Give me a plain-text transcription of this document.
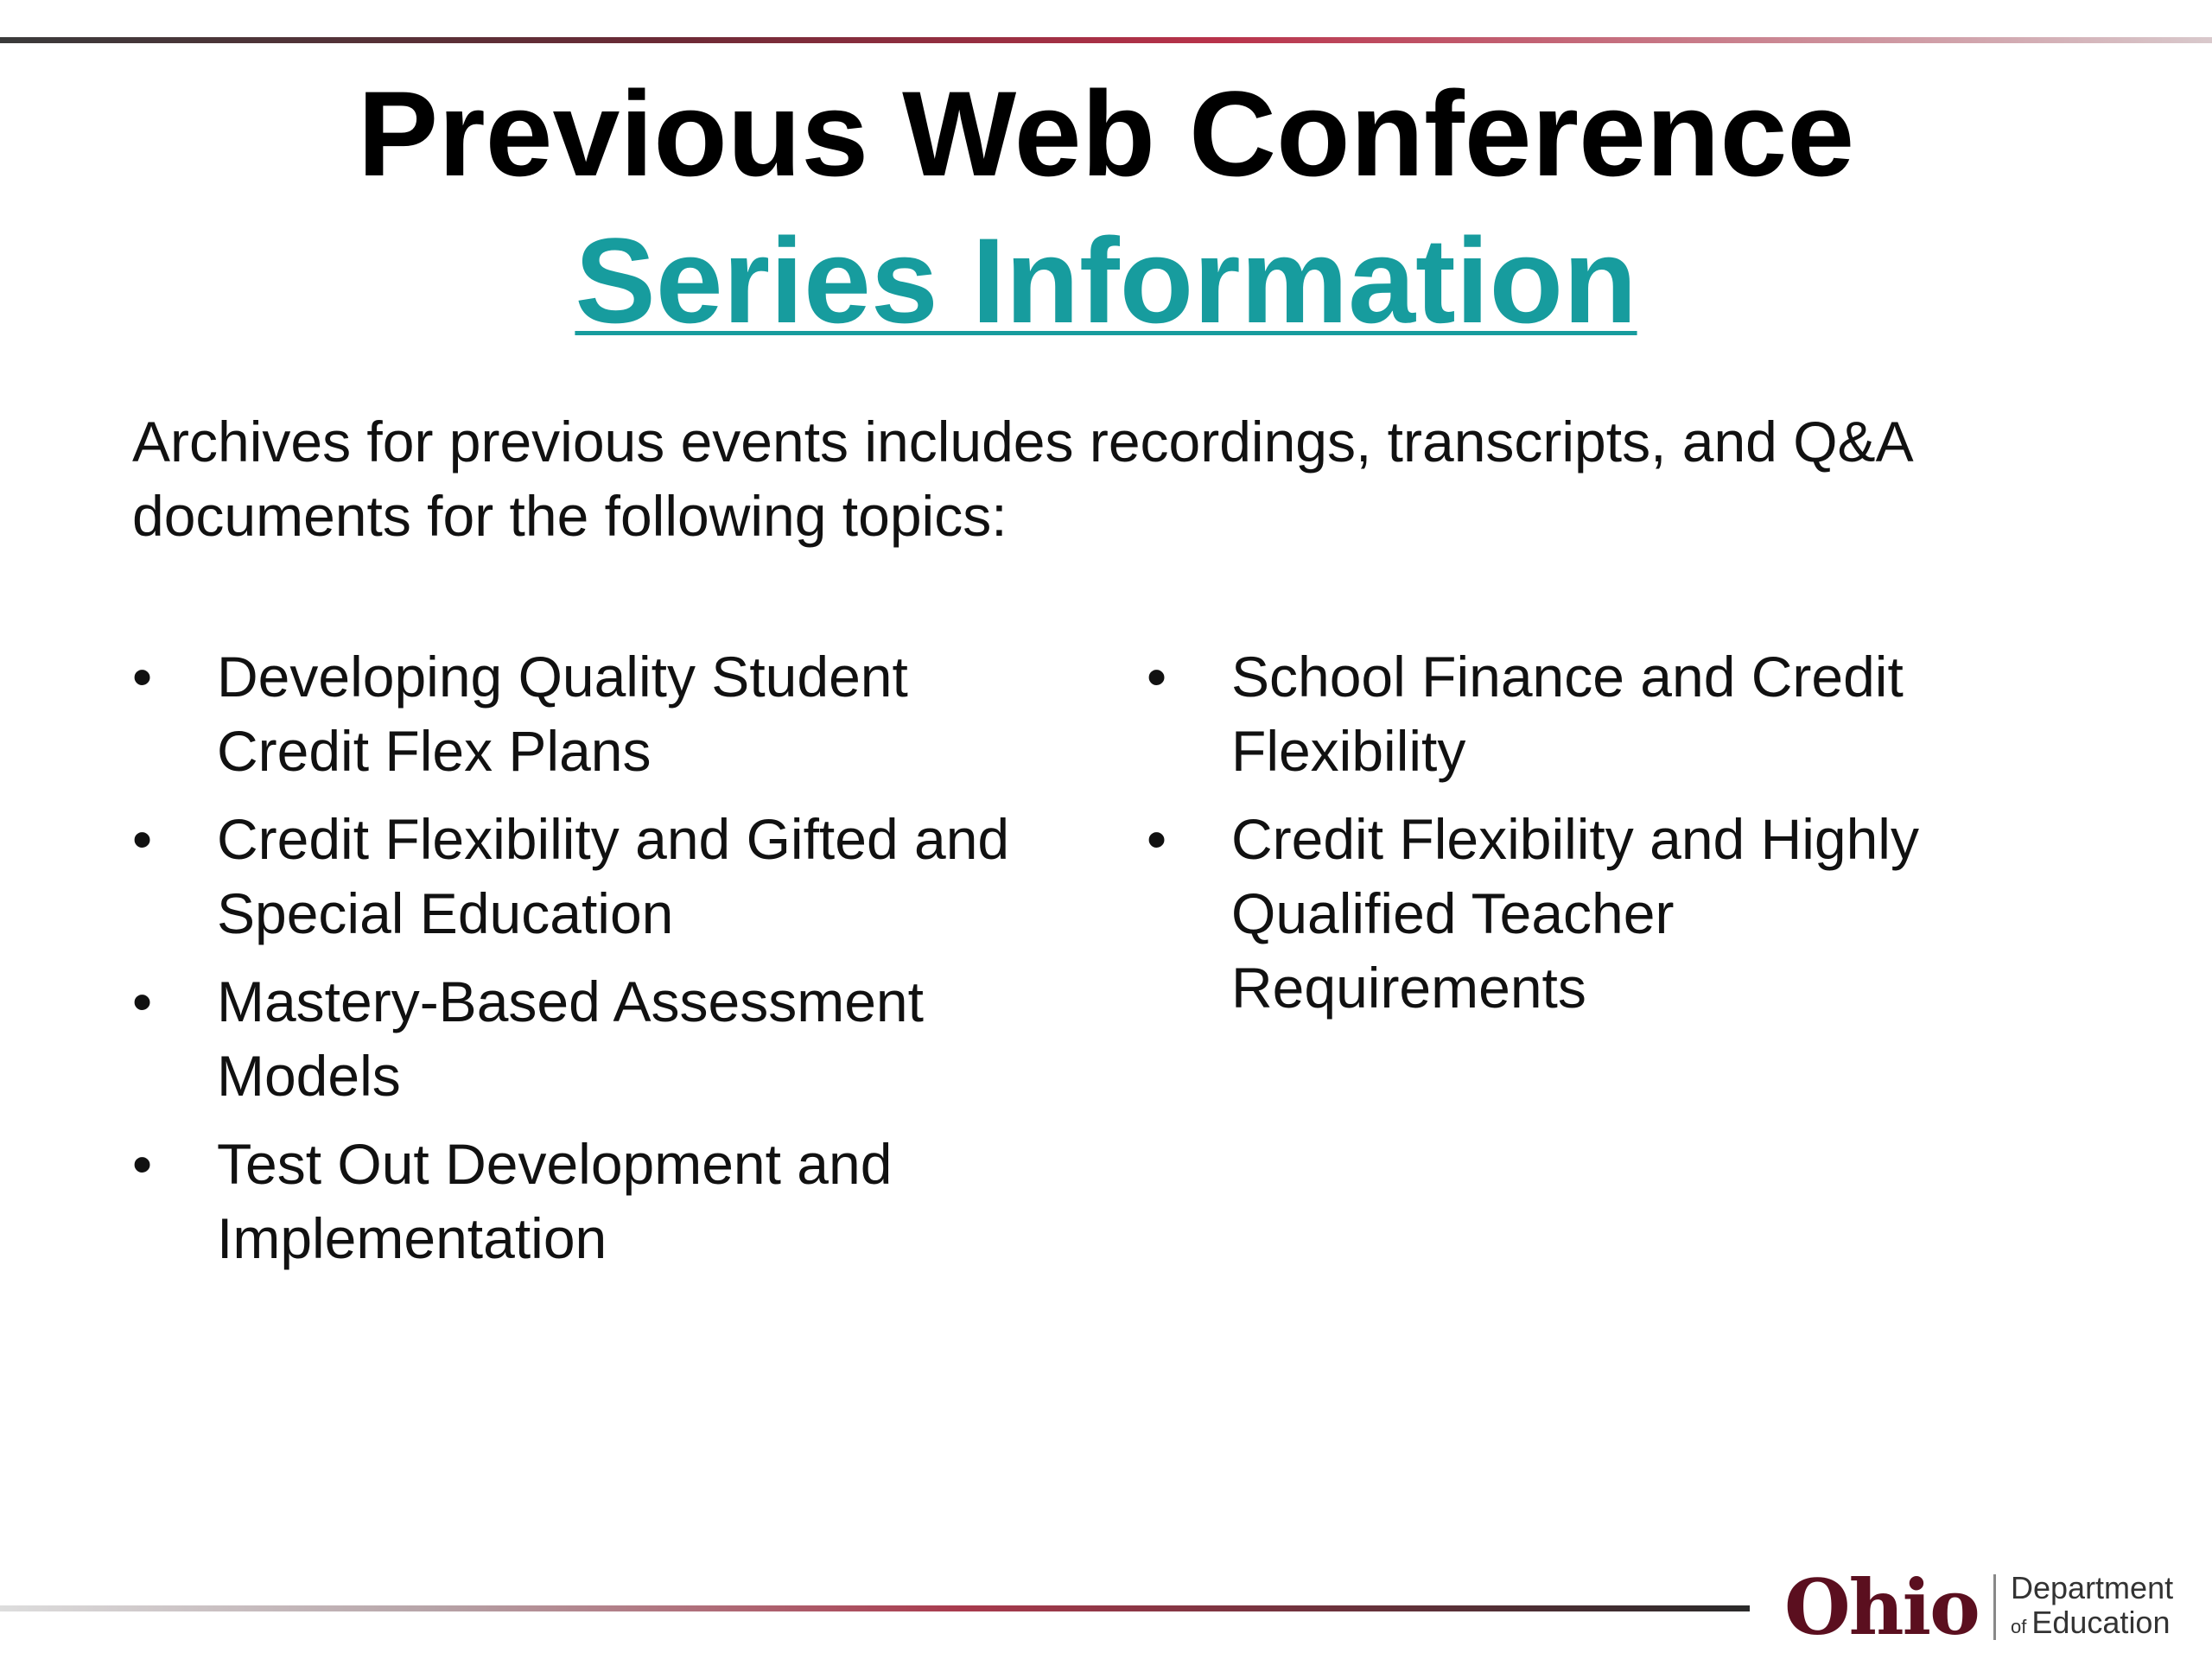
Previous Web Conference
Series Information

Archives for previous events includes recordings, transcripts, and Q&A documents for the following topics:

• Developing Quality Student Credit Flex Plans
• Credit Flexibility and Gifted and Special Education
• Mastery-Based Assessment Models
• Test Out Development and Implementation
• School Finance and Credit Flexibility
• Credit Flexibility and Highly Qualified Teacher Requirements
Ohio Department
of Education
